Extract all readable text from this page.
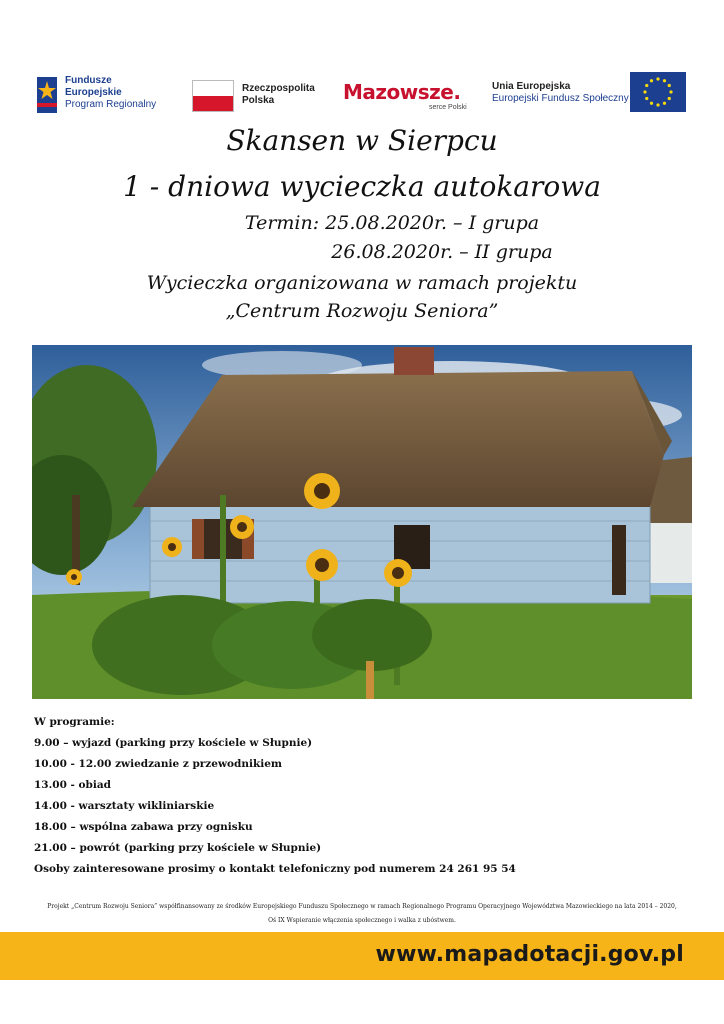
Fundusze
Europejskie
Program Regionalny
Rzeczpospolita
Polska	Mazowsze.
serce Polski
Unia Europejska
Europejski Fundusz Społeczny
Skansen w Sierpcu
1 - dniowa wycieczka autokarowa
Termin: 25.08.2020r. – I grupa
26.08.2020r. – II grupa
Wycieczka organizowana w ramach projektu
„Centrum Rozwoju Seniora”
W programie:
9.00 – wyjazd (parking przy kościele w Słupnie)
10.00 - 12.00 zwiedzanie z przewodnikiem
13.00 - obiad
14.00 - warsztaty wikliniarskie
18.00 – wspólna zabawa przy ognisku
21.00 – powrót (parking przy kościele w Słupnie)
Osoby zainteresowane prosimy o kontakt telefoniczny pod numerem 24 261 95 54
Projekt „Centrum Rozwoju Seniora” współfinansowany ze środków Europejskiego Funduszu Społecznego w ramach Regionalnego Programu Operacyjnego Województwa Mazowieckiego na lata 2014 – 2020,
Oś IX Wspieranie włączenia społecznego i walka z ubóstwem.
www.mapadotacji.gov.pl
